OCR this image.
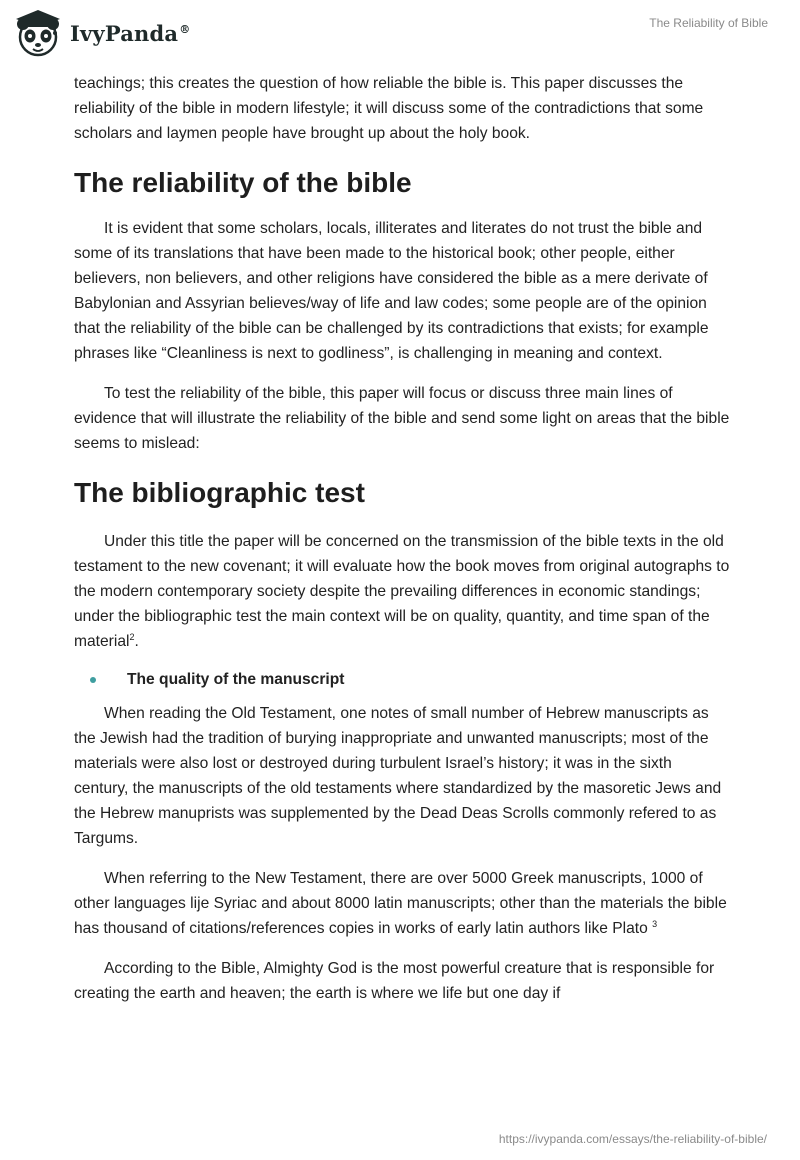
IvyPanda®	The Reliability of Bible

teachings; this creates the question of how reliable the bible is. This paper discusses the reliability of the bible in modern lifestyle; it will discuss some of the contradictions that some scholars and laymen people have brought up about the holy book.

The reliability of the bible

It is evident that some scholars, locals, illiterates and literates do not trust the bible and some of its translations that have been made to the historical book; other people, either believers, non believers, and other religions have considered the bible as a mere derivate of Babylonian and Assyrian believes/way of life and law codes; some people are of the opinion that the reliability of the bible can be challenged by its contradictions that exists; for example phrases like “Cleanliness is next to godliness”, is challenging in meaning and context.

To test the reliability of the bible, this paper will focus or discuss three main lines of evidence that will illustrate the reliability of the bible and send some light on areas that the bible seems to mislead:

The bibliographic test

Under this title the paper will be concerned on the transmission of the bible texts in the old testament to the new covenant; it will evaluate how the book moves from original autographs to the modern contemporary society despite the prevailing differences in economic standings; under the bibliographic test the main context will be on quality, quantity, and time span of the material$^2$.

The quality of the manuscript

When reading the Old Testament, one notes of small number of Hebrew manuscripts as the Jewish had the tradition of burying inappropriate and unwanted manuscripts; most of the materials were also lost or destroyed during turbulent Israel’s history; it was in the sixth century, the manuscripts of the old testaments where standardized by the masoretic Jews and the Hebrew manuprists was supplemented by the Dead Deas Scrolls commonly refered to as Targums.

When referring to the New Testament, there are over 5000 Greek manuscripts, 1000 of other languages lije Syriac and about 8000 latin manuscripts; other than the materials the bible has thousand of citations/references copies in works of early latin authors like Plato $^3$

According to the Bible, Almighty God is the most powerful creature that is responsible for creating the earth and heaven; the earth is where we life but one day if

https://ivypanda.com/essays/the-reliability-of-bible/
